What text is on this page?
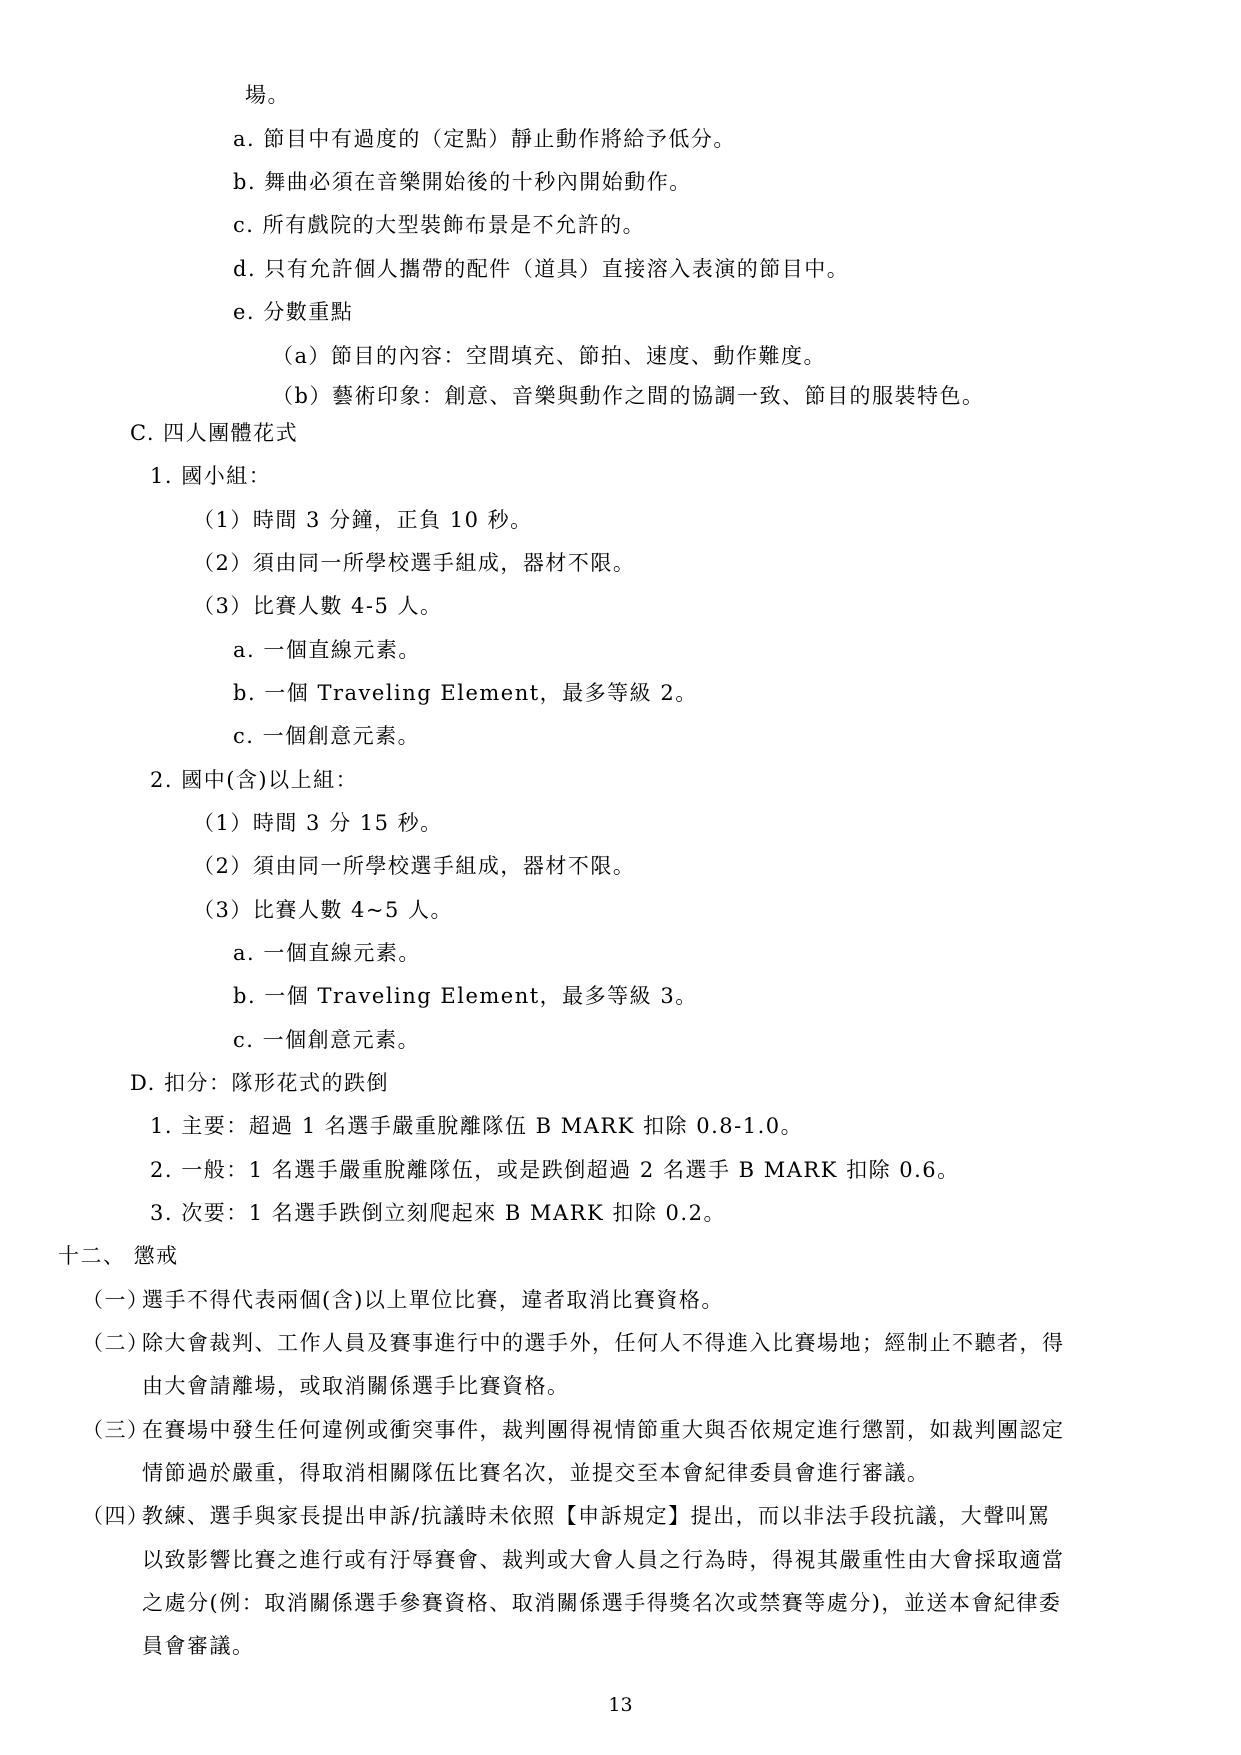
場。
a. 節目中有過度的（定點）靜止動作將給予低分。
b. 舞曲必須在音樂開始後的十秒內開始動作。
c. 所有戲院的大型裝飾布景是不允許的。
d. 只有允許個人攜帶的配件（道具）直接溶入表演的節目中。
e. 分數重點
（a）節目的內容：空間填充、節拍、速度、動作難度。
（b）藝術印象：創意、音樂與動作之間的協調一致、節目的服裝特色。
C. 四人團體花式
1. 國小組：
（1）時間 3 分鐘，正負 10 秒。
（2）須由同一所學校選手組成，器材不限。
（3）比賽人數 4-5 人。
a. 一個直線元素。
b. 一個 Traveling Element，最多等級 2。
c. 一個創意元素。
2. 國中(含)以上組：
（1）時間 3 分 15 秒。
（2）須由同一所學校選手組成，器材不限。
（3）比賽人數 4~5 人。
a. 一個直線元素。
b. 一個 Traveling Element，最多等級 3。
c. 一個創意元素。
D. 扣分：隊形花式的跌倒
1. 主要：超過 1 名選手嚴重脫離隊伍 B MARK 扣除 0.8-1.0。
2. 一般：1 名選手嚴重脫離隊伍，或是跌倒超過 2 名選手 B MARK 扣除 0.6。
3. 次要：1 名選手跌倒立刻爬起來 B MARK 扣除 0.2。
十二、 懲戒
（一）
選手不得代表兩個(含)以上單位比賽，違者取消比賽資格。
（二）
除大會裁判、工作人員及賽事進行中的選手外，任何人不得進入比賽場地；經制止不聽者，得
由大會請離場，或取消關係選手比賽資格。
（三）
在賽場中發生任何違例或衝突事件，裁判團得視情節重大與否依規定進行懲罰，如裁判團認定
情節過於嚴重，得取消相關隊伍比賽名次，並提交至本會紀律委員會進行審議。
（四）
教練、選手與家長提出申訴/抗議時未依照【申訴規定】提出，而以非法手段抗議，大聲叫罵
以致影響比賽之進行或有汙辱賽會、裁判或大會人員之行為時，得視其嚴重性由大會採取適當
之處分(例：取消關係選手參賽資格、取消關係選手得獎名次或禁賽等處分)，並送本會紀律委
員會審議。
13
